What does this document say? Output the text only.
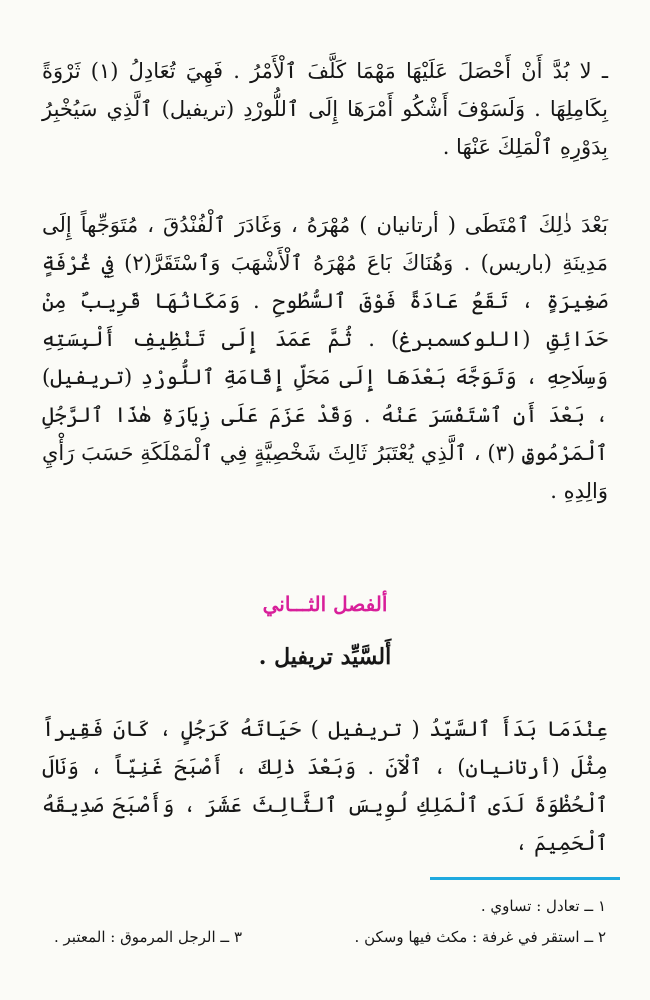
ـ لا بُدَّ أَنْ أَحْصَلَ عَلَيْهَا مَهْمَا كَلَّفَ ٱلْأَمْرُ . فَهِيَ تُعَادِلُ (١) ثَرْوَةً بِكَامِلِهَا . وَلَسَوْفَ أَشْكُو أَمْرَهَا إِلَى ٱللُّورْدِ (تريفيل) ٱلَّذِي سَيُخْبِرُ بِدَوْرِهِ ٱلْمَلِكَ عَنْهَا .

بَعْدَ ذٰلِكَ ٱمْتَطَى ( أرتانيان ) مُهْرَهُ ، وَغَادَرَ ٱلْفُنْدُقَ ، مُتَوَجِّهاً إِلَى مَدِينَةِ (باريس) . وَهُنَاكَ بَاعَ مُهْرَهُ ٱلْأَشْهَبَ وَٱسْتَقَرَّ(٢) فِي غُرْفَةٍ صَغِيرَةٍ ، تَقَعُ عَادَةً فَوْقَ ٱلسُّطُوحِ . وَمَكَانُهَا قَرِيبٌ مِنْ حَدَائِقِ (اللوكسمبرغ) . ثُمَّ عَمَدَ إِلَى تَنْظِيفِ أَلْبِسَتِهِ وَسِلَاحِهِ ، وَتَوَجَّهَ بَعْدَهَا إِلَى مَحَلِّ إِقَامَةِ ٱللُّورْدِ (تريفيل) ، بَعْدَ أَنِ ٱسْتَفْسَرَ عَنْهُ . وَقَدْ عَزَمَ عَلَى زِيَارَةِ هٰذَا ٱلرَّجُلِ ٱلْمَرْمُوقِ (٣) ، ٱلَّذِي يُعْتَبَرُ ثَالِثَ شَخْصِيَّةٍ فِي ٱلْمَمْلَكَةِ حَسَبَ رَأْيِ وَالِدِهِ .

ألفصل الثـــاني
أَلسَّيِّد تريفيل .

عِنْدَمَا بَدَأَ ٱلسَّيِّدُ ( تريفيل ) حَيَاتَهُ كَرَجُلٍ ، كَانَ فَقِيراً مِثْلَ (أرتانيان) ، ٱلْآنَ . وَبَعْدَ ذٰلِكَ ، أَصْبَحَ غَنِيّاً ، وَنَالَ ٱلْحُظْوَةَ لَدَى ٱلْمَلِكِ لُوِيسَ ٱلثَّالِثَ عَشَرَ ، وَأَصْبَحَ صَدِيقَهُ ٱلْحَمِيمَ ،

١ ــ تعادل : تساوي .

٢ ــ استقر في غرفة : مكث فيها وسكن .

٣ ــ الرجل المرموق : المعتبر .
